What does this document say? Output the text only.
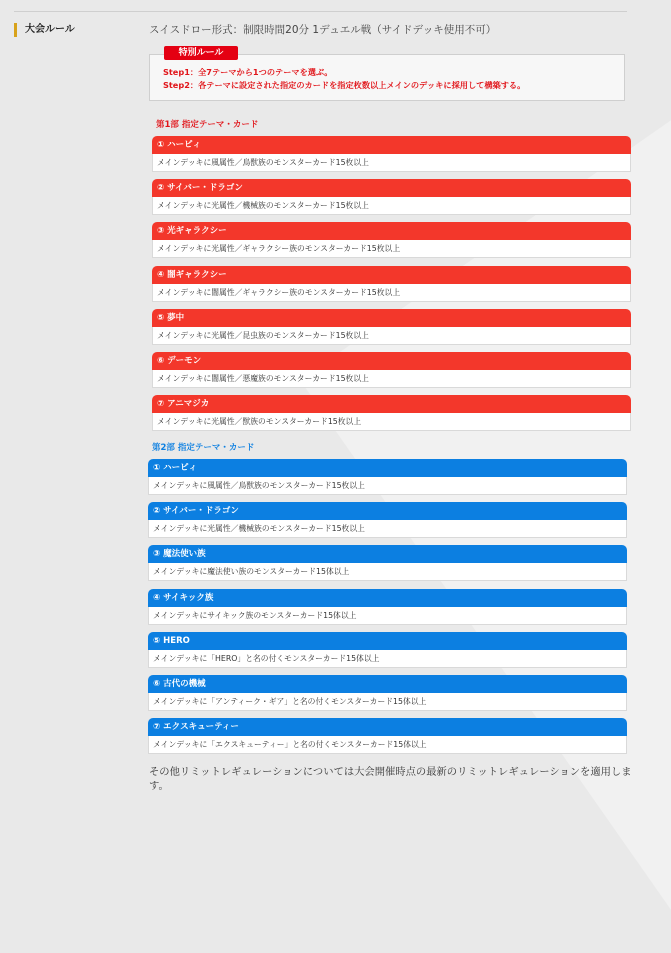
大会ルール	スイスドロー形式：制限時間20分 1デュエル戦（サイドデッキ使用不可）
特別ルール
Step1：全7テーマから1つのテーマを選ぶ。
Step2：各テーマに設定された指定のカードを指定枚数以上メインのデッキに採用して構築する。
第1部 指定テーマ・カード
① ハーピィ
メインデッキに風属性／鳥獣族のモンスターカード15枚以上
② サイバー・ドラゴン
メインデッキに光属性／機械族のモンスターカード15枚以上
③ 光ギャラクシー
メインデッキに光属性／ギャラクシー族のモンスターカード15枚以上
④ 闇ギャラクシー
メインデッキに闇属性／ギャラクシー族のモンスターカード15枚以上
⑤ 夢中
メインデッキに光属性／昆虫族のモンスターカード15枚以上
⑥ デーモン
メインデッキに闇属性／悪魔族のモンスターカード15枚以上
⑦ アニマジカ
メインデッキに光属性／獣族のモンスターカード15枚以上
第2部 指定テーマ・カード
① ハーピィ
メインデッキに風属性／鳥獣族のモンスターカード15枚以上
② サイバー・ドラゴン
メインデッキに光属性／機械族のモンスターカード15枚以上
③ 魔法使い族
メインデッキに魔法使い族のモンスターカード15体以上
④ サイキック族
メインデッキにサイキック族のモンスターカード15体以上
⑤ HERO
メインデッキに「HERO」と名の付くモンスターカード15体以上
⑥ 古代の機械
メインデッキに「アンティーク・ギア」と名の付くモンスターカード15体以上
⑦ エクスキューティー
メインデッキに「エクスキューティー」と名の付くモンスターカード15体以上
その他リミットレギュレーションについては大会開催時点の最新のリミットレギュレーションを適用します。
